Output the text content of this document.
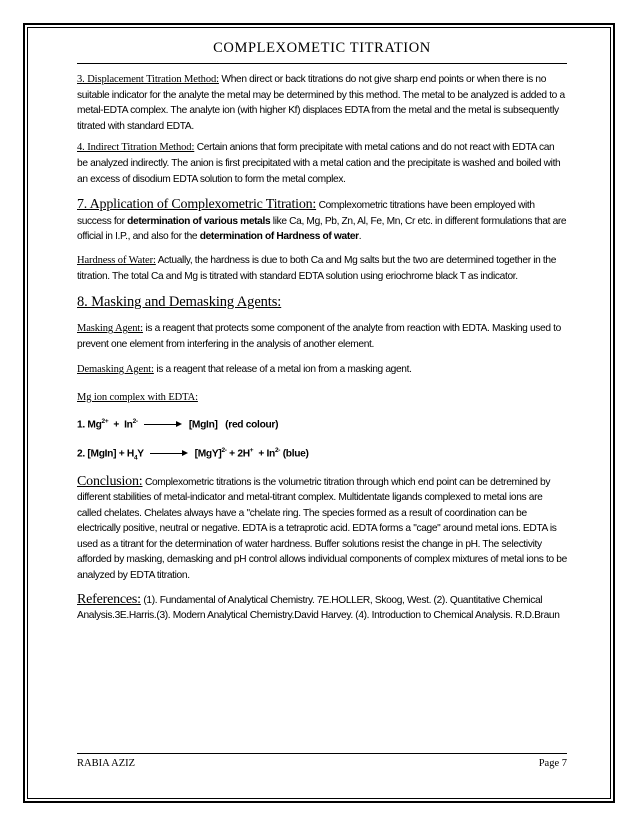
COMPLEXOMETIC TITRATION

3. Displacement Titration Method: When direct or back titrations do not give sharp end points or when there is no suitable indicator for the analyte the metal may be determined by this method. The metal to be analyzed is added to a metal-EDTA complex. The analyte ion (with higher Kf) displaces EDTA from the metal and the metal is subsequently titrated with standard EDTA.

4. Indirect Titration Method: Certain anions that form precipitate with metal cations and do not react with EDTA can be analyzed indirectly. The anion is first precipitated with a metal cation and the precipitate is washed and boiled with an excess of disodium EDTA solution to form the metal complex.

7. Application of Complexometric Titration: Complexometric titrations have been employed with success for determination of various metals like Ca, Mg, Pb, Zn, Al, Fe, Mn, Cr etc. in different formulations that are official in I.P., and also for the determination of Hardness of water.

Hardness of Water: Actually, the hardness is due to both Ca and Mg salts but the two are determined together in the titration. The total Ca and Mg is titrated with standard EDTA solution using eriochrome black T as indicator.

8. Masking and Demasking Agents:

Masking Agent: is a reagent that protects some component of the analyte from reaction with EDTA. Masking used to prevent one element from interfering in the analysis of another element.

Demasking Agent: is a reagent that release of a metal ion from a masking agent.

Mg ion complex with EDTA:

1. $Mg^{2+} + In^{2-}$	[MgIn]   (red colour)
2. [MgIn] + $H_4Y$	$[MgY]^{2-} + 2H^+ + In^{2-}$ (blue)

Conclusion: Complexometric titrations is the volumetric titration through which end point can be detremined by different stabilities of metal-indicator and metal-titrant complex. Multidentate ligands complexed to metal ions are called chelates. Chelates always have a "chelate ring. The species formed as a result of coordination can be electrically positive, neutral or negative. EDTA is a tetraprotic acid. EDTA forms a "cage" around metal ions. EDTA is used as a titrant for the determination of water hardness. Buffer solutions resist the change in pH. The selectivity afforded by masking, demasking and pH control allows individual components of complex mixtures of metal ions to be analyzed by EDTA titration.

References: (1). Fundamental of Analytical Chemistry. 7E.HOLLER, Skoog, West. (2). Quantitative Chemical Analysis.3E.Harris.(3). Modern Analytical Chemistry.David Harvey. (4). Introduction to Chemical Analysis. R.D.Braun

RABIA AZIZ	Page 7
